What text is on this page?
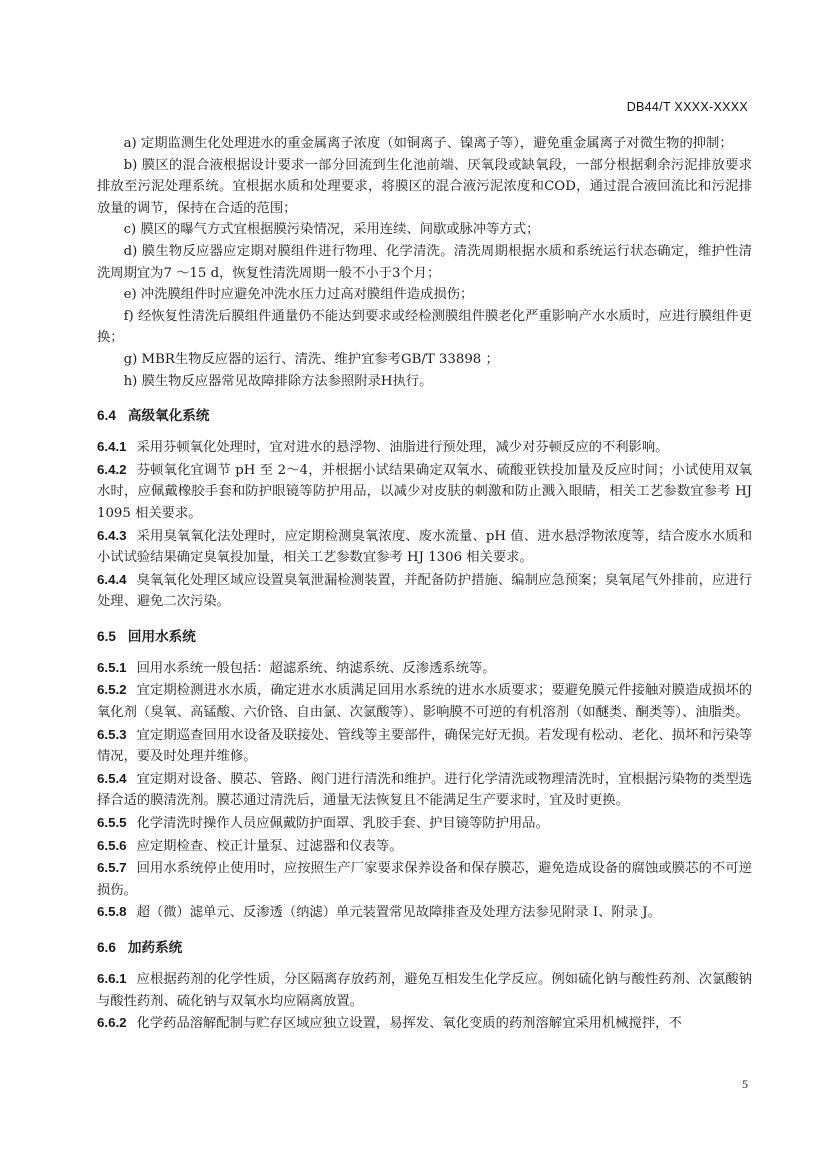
DB44/T XXXX-XXXX

a) 定期监测生化处理进水的重金属离子浓度（如铜离子、镍离子等），避免重金属离子对微生物的抑制；

b) 膜区的混合液根据设计要求一部分回流到生化池前端、厌氧段或缺氧段，一部分根据剩余污泥排放要求排放至污泥处理系统。宜根据水质和处理要求，将膜区的混合液污泥浓度和COD，通过混合液回流比和污泥排放量的调节，保持在合适的范围；

c) 膜区的曝气方式宜根据膜污染情况，采用连续、间歇或脉冲等方式；

d) 膜生物反应器应定期对膜组件进行物理、化学清洗。清洗周期根据水质和系统运行状态确定，维护性清洗周期宜为7 ～15 d，恢复性清洗周期一般不小于3个月；

e) 冲洗膜组件时应避免冲洗水压力过高对膜组件造成损伤；

f) 经恢复性清洗后膜组件通量仍不能达到要求或经检测膜组件膜老化严重影响产水水质时，应进行膜组件更换；

g) MBR生物反应器的运行、清洗、维护宜参考GB/T 33898 ；

h) 膜生物反应器常见故障排除方法参照附录H执行。

6.4 高级氧化系统

6.4.1 采用芬顿氧化处理时，宜对进水的悬浮物、油脂进行预处理，减少对芬顿反应的不利影响。

6.4.2 芬顿氧化宜调节 pH 至 2～4，并根据小试结果确定双氧水、硫酸亚铁投加量及反应时间；小试使用双氧水时，应佩戴橡胶手套和防护眼镜等防护用品，以减少对皮肤的刺激和防止溅入眼睛，相关工艺参数宜参考 HJ 1095 相关要求。

6.4.3 采用臭氧氧化法处理时，应定期检测臭氧浓度、废水流量、pH 值、进水悬浮物浓度等，结合废水水质和小试试验结果确定臭氧投加量，相关工艺参数宜参考 HJ 1306 相关要求。

6.4.4 臭氧氧化处理区域应设置臭氧泄漏检测装置，并配备防护措施、编制应急预案；臭氧尾气外排前，应进行处理、避免二次污染。

6.5 回用水系统

6.5.1 回用水系统一般包括：超滤系统、纳滤系统、反渗透系统等。

6.5.2 宜定期检测进水水质，确定进水水质满足回用水系统的进水水质要求；要避免膜元件接触对膜造成损坏的氧化剂（臭氧、高锰酸、六价铬、自由氯、次氯酸等）、影响膜不可逆的有机溶剂（如醚类、酮类等）、油脂类。

6.5.3 宜定期巡查回用水设备及联接处、管线等主要部件，确保完好无损。若发现有松动、老化、损坏和污染等情况，要及时处理并维修。

6.5.4 宜定期对设备、膜芯、管路、阀门进行清洗和维护。进行化学清洗或物理清洗时，宜根据污染物的类型选择合适的膜清洗剂。膜芯通过清洗后，通量无法恢复且不能满足生产要求时，宜及时更换。

6.5.5 化学清洗时操作人员应佩戴防护面罩、乳胶手套、护目镜等防护用品。

6.5.6 应定期检查、校正计量泵、过滤器和仪表等。

6.5.7 回用水系统停止使用时，应按照生产厂家要求保养设备和保存膜芯，避免造成设备的腐蚀或膜芯的不可逆损伤。

6.5.8 超（微）滤单元、反渗透（纳滤）单元装置常见故障排查及处理方法参见附录 I、附录 J。

6.6 加药系统

6.6.1 应根据药剂的化学性质，分区隔离存放药剂，避免互相发生化学反应。例如硫化钠与酸性药剂、次氯酸钠与酸性药剂、硫化钠与双氧水均应隔离放置。

6.6.2 化学药品溶解配制与贮存区域应独立设置，易挥发、氧化变质的药剂溶解宜采用机械搅拌，不

5
